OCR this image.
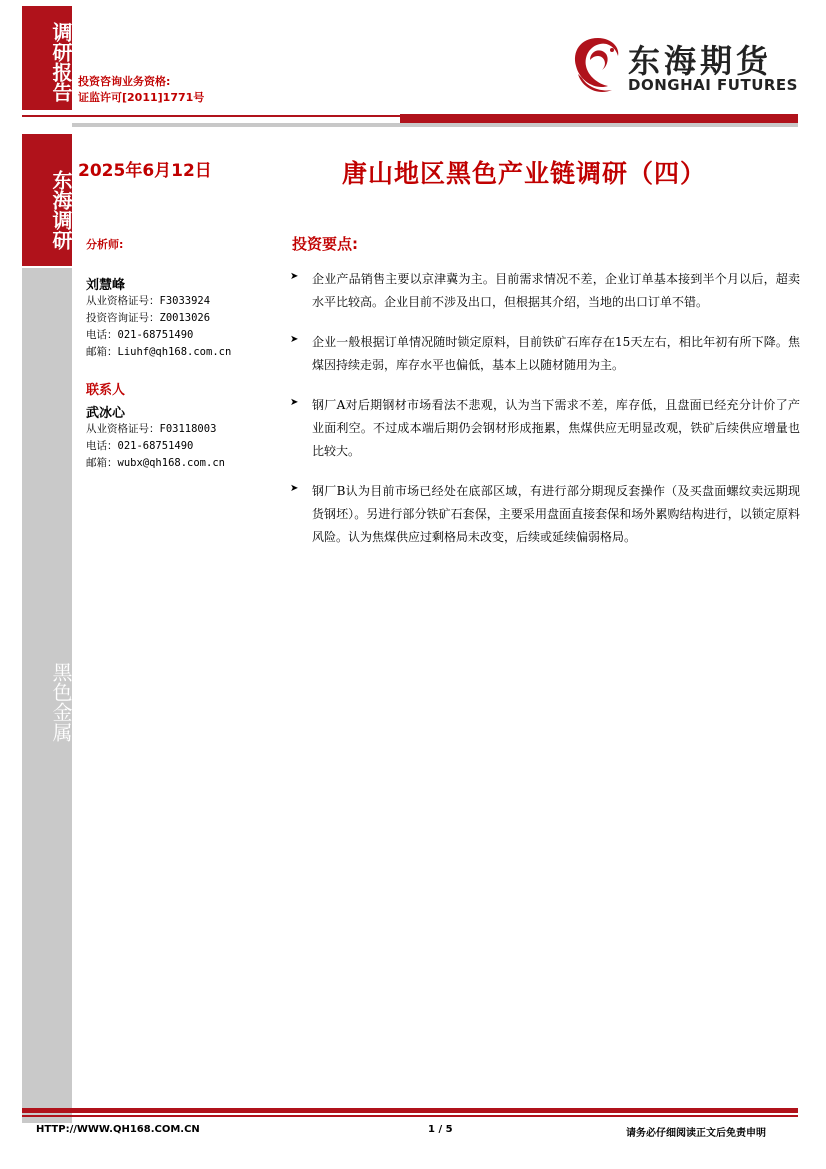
调研报告 投资咨询业务资格:
证监许可[2011]1771号
东海期货
DONGHAI FUTURES
东海调研
黑色金属
2025年6月12日	唐山地区黑色产业链调研（四）
分析师:
刘慧峰
从业资格证号：F3033924
投资咨询证号：Z0013026
电话：021-68751490
邮箱：Liuhf@qh168.com.cn
联系人
武冰心
从业资格证号：F03118003
电话：021-68751490
邮箱：wubx@qh168.com.cn
投资要点:
➤ 企业产品销售主要以京津冀为主。目前需求情况不差，企业订单基本接到半个月以后，超卖水平比较高。企业目前不涉及出口，但根据其介绍，当地的出口订单不错。
➤ 企业一般根据订单情况随时锁定原料，目前铁矿石库存在15天左右，相比年初有所下降。焦煤因持续走弱，库存水平也偏低，基本上以随材随用为主。
➤ 钢厂A对后期钢材市场看法不悲观，认为当下需求不差，库存低，且盘面已经充分计价了产业面利空。不过成本端后期仍会钢材形成拖累，焦煤供应无明显改观，铁矿后续供应增量也比较大。
➤ 钢厂B认为目前市场已经处在底部区域，有进行部分期现反套操作（及买盘面螺纹卖远期现货钢坯）。另进行部分铁矿石套保，主要采用盘面直接套保和场外累购结构进行，以锁定原料风险。认为焦煤供应过剩格局未改变，后续或延续偏弱格局。
HTTP://WWW.QH168.COM.CN	1 / 5	请务必仔细阅读正文后免责申明
